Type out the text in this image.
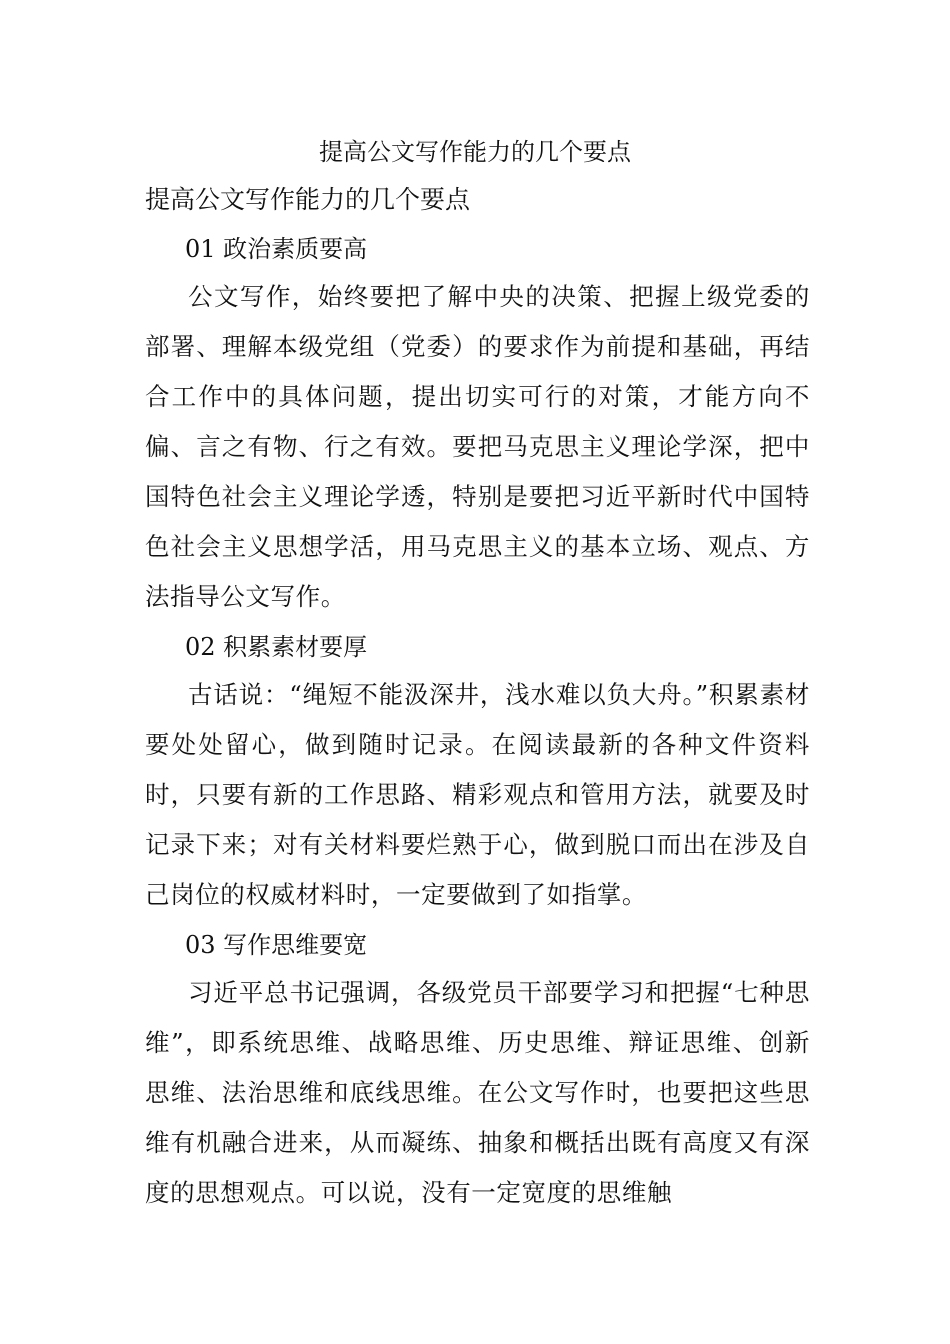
提高公文写作能力的几个要点
提高公文写作能力的几个要点
01 政治素质要高

公文写作，始终要把了解中央的决策、把握上级党委的部署、理解本级党组（党委）的要求作为前提和基础，再结合工作中的具体问题，提出切实可行的对策，才能方向不偏、言之有物、行之有效。要把马克思主义理论学深，把中国特色社会主义理论学透，特别是要把习近平新时代中国特色社会主义思想学活，用马克思主义的基本立场、观点、方法指导公文写作。

02 积累素材要厚

古话说：“绳短不能汲深井，浅水难以负大舟。”积累素材要处处留心，做到随时记录。在阅读最新的各种文件资料时，只要有新的工作思路、精彩观点和管用方法，就要及时记录下来；对有关材料要烂熟于心，做到脱口而出在涉及自己岗位的权威材料时，一定要做到了如指掌。

03 写作思维要宽

习近平总书记强调，各级党员干部要学习和把握“七种思维”，即系统思维、战略思维、历史思维、辩证思维、创新思维、法治思维和底线思维。在公文写作时，也要把这些思维有机融合进来，从而凝练、抽象和概括出既有高度又有深度的思想观点。可以说，没有一定宽度的思维触
